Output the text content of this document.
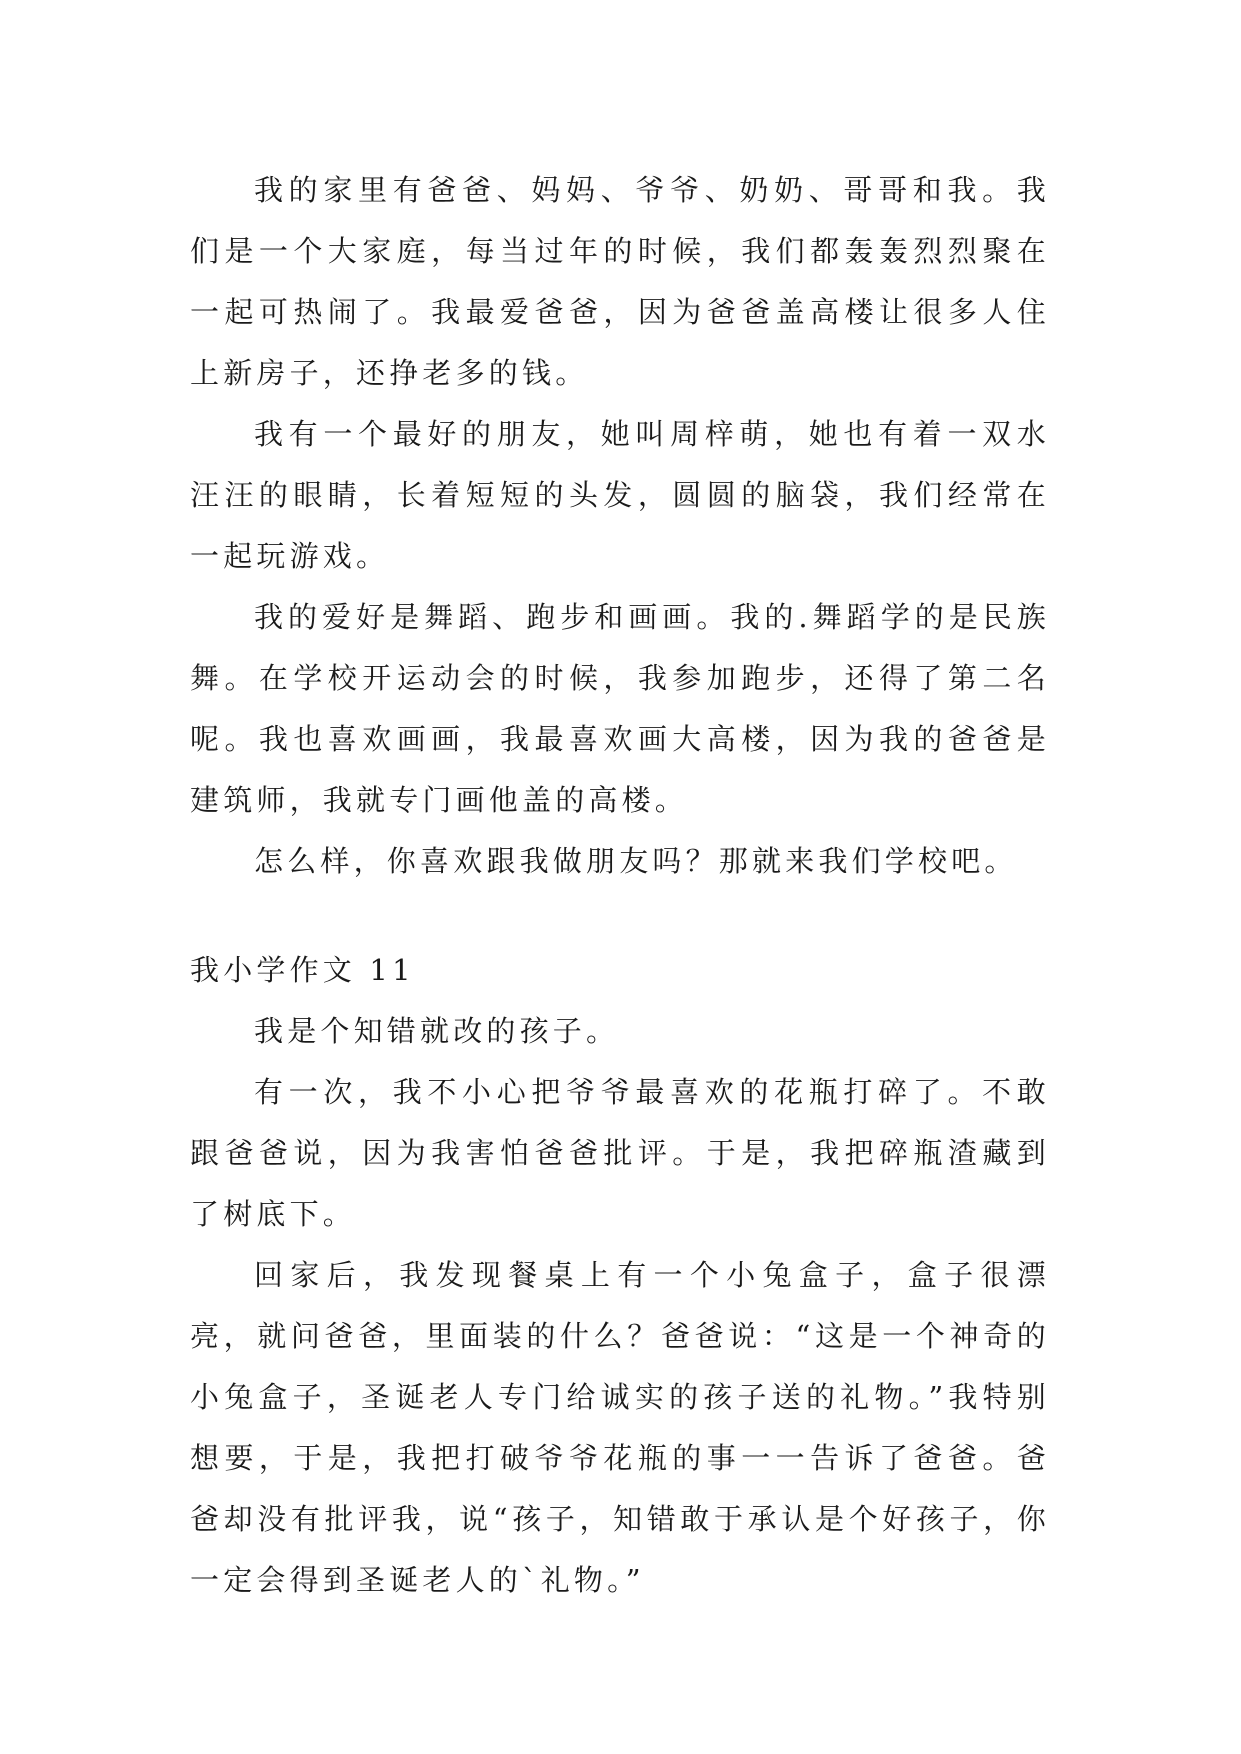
我的家里有爸爸、妈妈、爷爷、奶奶、哥哥和我。我们是一个大家庭，每当过年的时候，我们都轰轰烈烈聚在一起可热闹了。我最爱爸爸，因为爸爸盖高楼让很多人住上新房子，还挣老多的钱。

我有一个最好的朋友，她叫周梓萌，她也有着一双水汪汪的眼睛，长着短短的头发，圆圆的脑袋，我们经常在一起玩游戏。

我的爱好是舞蹈、跑步和画画。我的.舞蹈学的是民族舞。在学校开运动会的时候，我参加跑步，还得了第二名呢。我也喜欢画画，我最喜欢画大高楼，因为我的爸爸是建筑师，我就专门画他盖的高楼。

怎么样，你喜欢跟我做朋友吗？那就来我们学校吧。

我小学作文 11

我是个知错就改的孩子。

有一次，我不小心把爷爷最喜欢的花瓶打碎了。不敢跟爸爸说，因为我害怕爸爸批评。于是，我把碎瓶渣藏到了树底下。

回家后，我发现餐桌上有一个小兔盒子，盒子很漂亮，就问爸爸，里面装的什么？爸爸说：“这是一个神奇的小兔盒子，圣诞老人专门给诚实的孩子送的礼物。”我特别想要，于是，我把打破爷爷花瓶的事一一告诉了爸爸。爸爸却没有批评我，说“孩子，知错敢于承认是个好孩子，你一定会得到圣诞老人的`礼物。”
